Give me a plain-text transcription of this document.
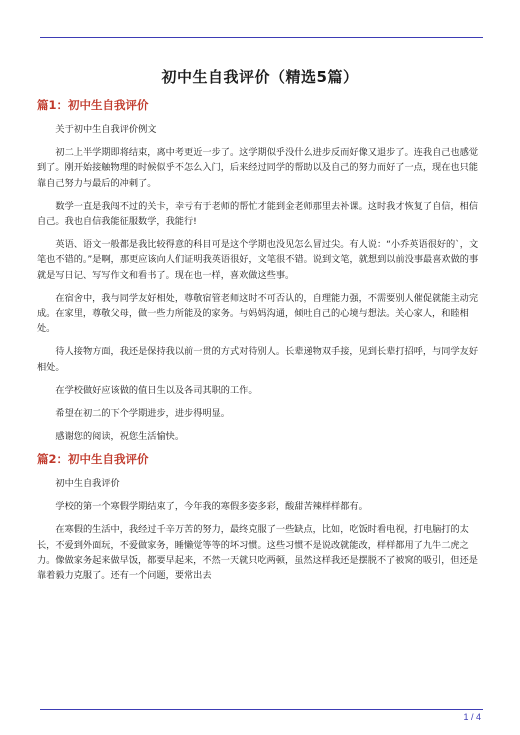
初中生自我评价（精选5篇）
篇1：初中生自我评价

关于初中生自我评价例文

初二上半学期即将结束，离中考更近一步了。这学期似乎没什么进步反而好像又退步了。连我自己也感觉到了。刚开始接触物理的时候似乎不怎么入门，后来经过同学的帮助以及自己的努力而好了一点，现在也只能靠自己努力与最后的冲刺了。

数学一直是我闯不过的关卡，幸亏有于老师的帮忙才能到金老师那里去补课。这时我才恢复了自信，相信自己。我也自信我能征服数学，我能行!

英语、语文一般都是我比较得意的科目可是这个学期也没见怎么冒过尖。有人说：“小乔英语很好的`，文笔也不错的。”是啊，那更应该向人们证明我英语很好，文笔很不错。说到文笔，就想到以前没事最喜欢做的事就是写日记、写写作文和看书了。现在也一样，喜欢做这些事。

在宿舍中，我与同学友好相处，尊敬宿管老师这时不可否认的，自理能力强，不需要别人催促就能主动完成。在家里，尊敬父母，做一些力所能及的家务。与妈妈沟通，倾吐自己的心境与想法。关心家人，和睦相处。

待人接物方面，我还是保持我以前一贯的方式对待别人。长辈递物双手接，见到长辈打招呼，与同学友好相处。

在学校做好应该做的值日生以及各司其职的工作。

希望在初二的下个学期进步，进步得明显。

感谢您的阅读，祝您生活愉快。

篇2：初中生自我评价

初中生自我评价

学校的第一个寒假学期结束了，今年我的寒假多姿多彩，酸甜苦辣样样都有。

在寒假的生活中，我经过千辛万苦的努力，最终克服了一些缺点，比如，吃饭时看电视，打电脑打的太长，不爱到外面玩，不爱做家务，睡懒觉等等的坏习惯。这些习惯不是说改就能改，样样都用了九牛二虎之力。像做家务起来做早饭，都要早起来，不然一天就只吃两顿，虽然这样我还是摆脱不了被窝的吸引，但还是靠着毅力克服了。还有一个问题，要常出去

1 / 4
